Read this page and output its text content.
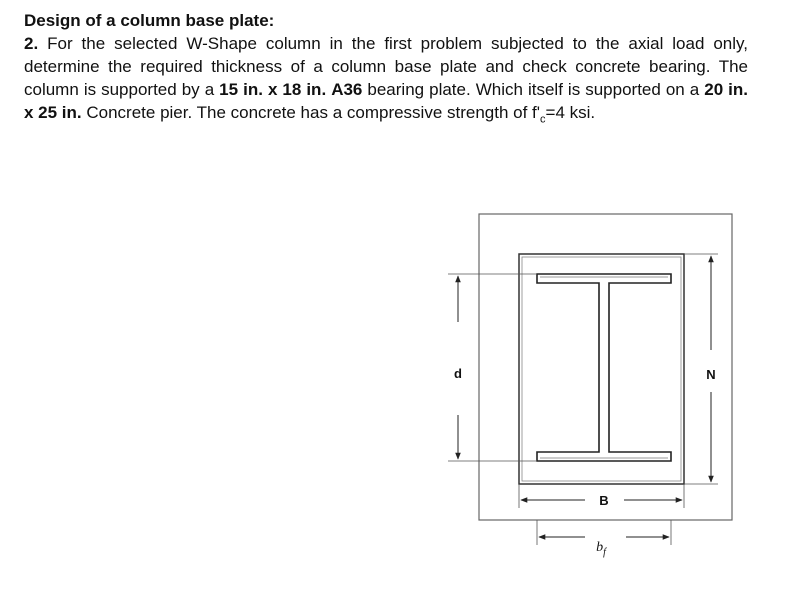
Design of a column base plate:

2. For the selected W-Shape column in the first problem subjected to the axial load only, determine the required thickness of a column base plate and check concrete bearing. The column is supported by a 15 in. x 18 in. A36 bearing plate. Which itself is supported on a 20 in. x 25 in. Concrete pier. The concrete has a compressive strength of $f'_c=4$ ksi.

d	N
B
$b_f$
